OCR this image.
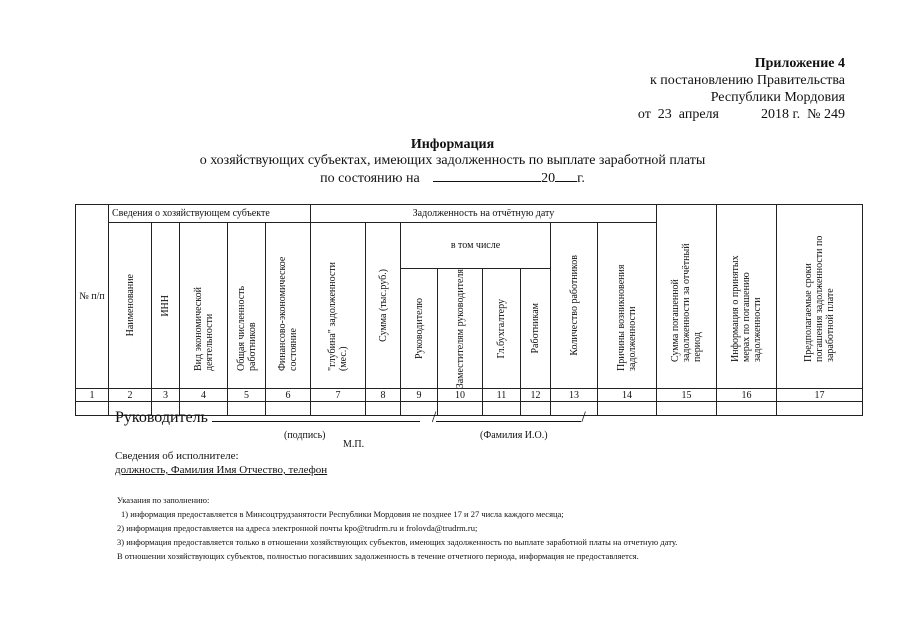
Приложение 4
к постановлению Правительства
Республики Мордовия
от  23  апреля            2018 г.  № 249
Информация
о хозяйствующих субъектах, имеющих задолженность по выплате заработной платы
по состоянию на	20 г.
№ п/п	Сведения о хозяйствующем субъекте					Задолженность на отчётную дату								Сумма погашенной задолженности за отчётный период	Информация о принятых мерах по погашению задолженности	Предполагаемые сроки погашения задолженности по заработной плате

	Наименование	ИНН	Вид экономической деятельности	Общая численность работников	Финансово-экономическое состояние	"глубина" задолженности (мес.)	Сумма (тыс.руб.)	в том числе				Количество работников	Причины возникновения задолженности			

								Руководителю	Заместителям руководителя	Гл.бухгалтеру	Работникам					

1	2	3	4	5	6	7	8	9	10	11	12	13	14	15	16	17

Руководитель	/	/
(подпись)	(Фамилия И.О.)
М.П.
Сведения об исполнителе:
должность, Фамилия Имя Отчество, телефон
Указания по заполнению:
1) информация предоставляется в Минсоцтрудзанятости Республики Мордовия не позднее 17 и 27 числа каждого месяца;
2) информация предоставляется на адреса электронной почты kpo@trudrm.ru и frolovda@trudrm.ru;
3) информация предоставляется только в отношении хозяйствующих субъектов, имеющих задолженность по выплате заработной платы на отчетную дату.
В отношении хозяйствующих субъектов, полностью погасивших задолженность в течение отчетного периода, информация не предоставляется.
